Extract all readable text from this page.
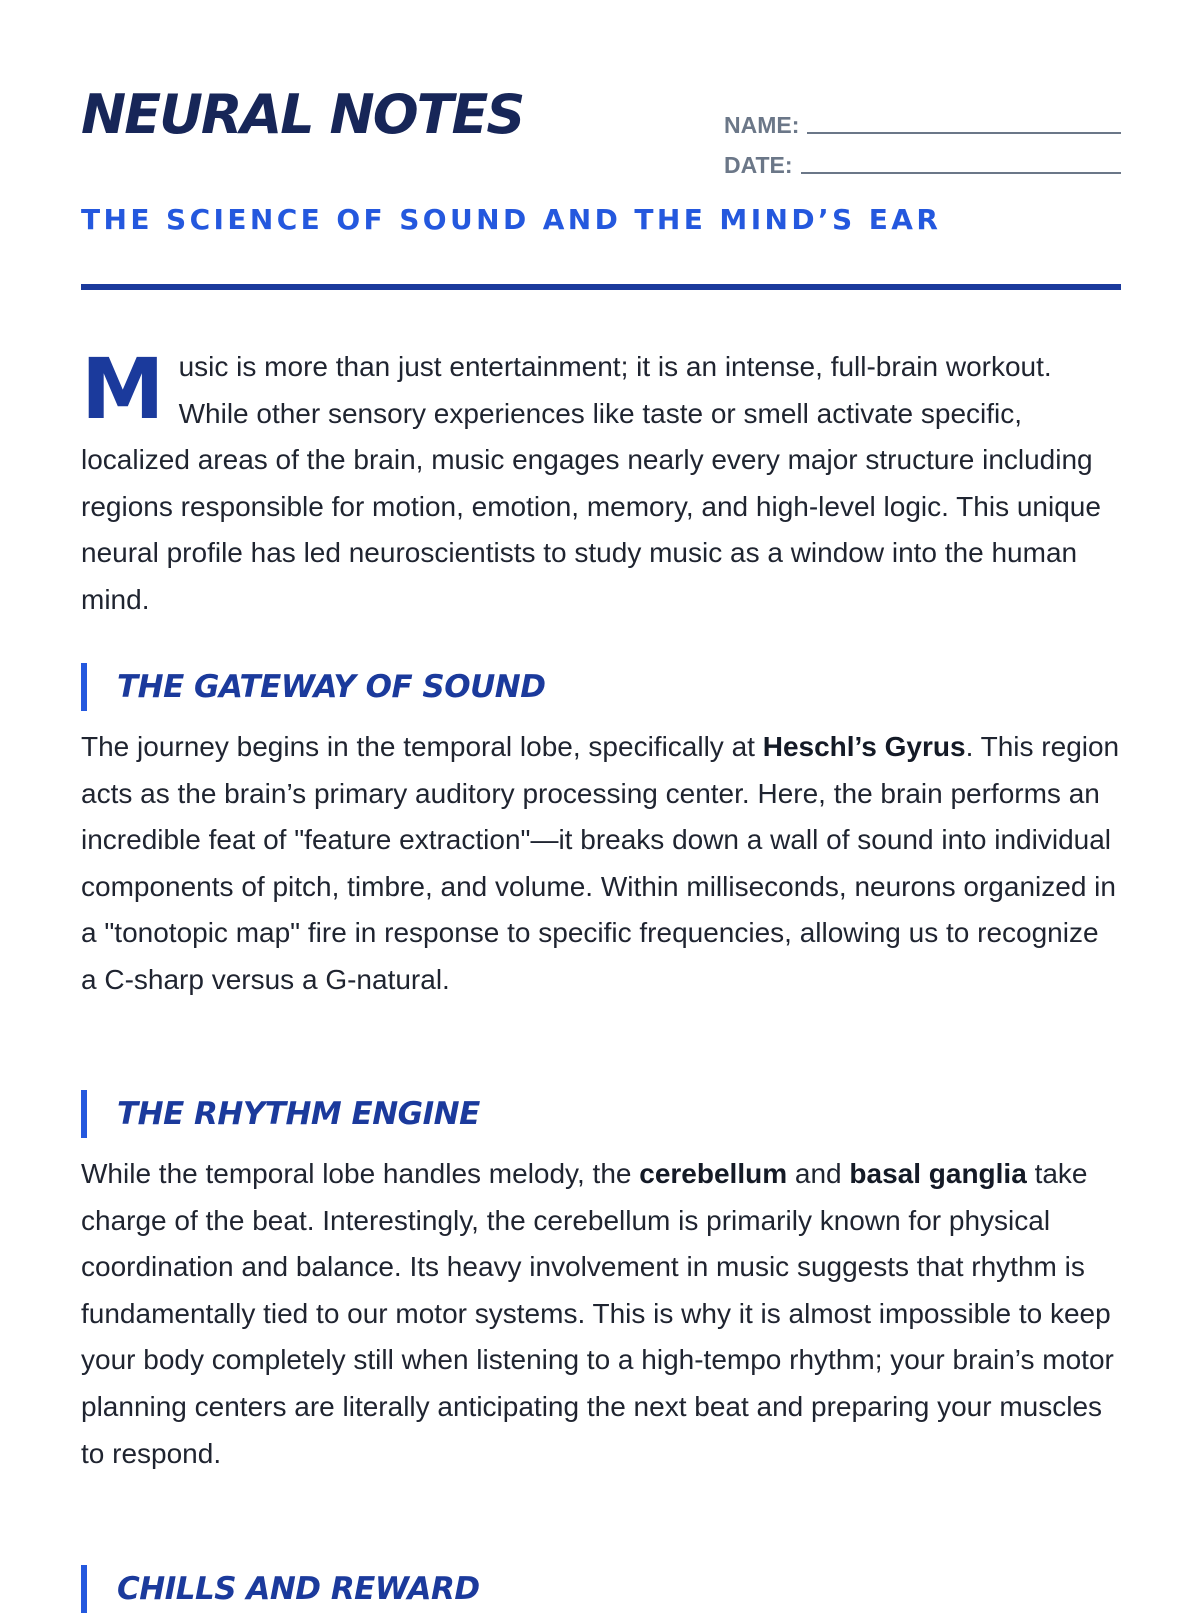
NEURAL NOTES	NAME:
DATE:
THE SCIENCE OF SOUND AND THE MIND’S EAR
M usic is more than just entertainment; it is an intense, full-brain workout. While other sensory experiences like taste or smell activate specific, localized areas of the brain, music engages nearly every major structure including regions responsible for motion, emotion, memory, and high-level logic. This unique neural profile has led neuroscientists to study music as a window into the human mind.

THE GATEWAY OF SOUND

The journey begins in the temporal lobe, specifically at Heschl’s Gyrus. This region acts as the brain’s primary auditory processing center. Here, the brain performs an incredible feat of "feature extraction"—it breaks down a wall of sound into individual components of pitch, timbre, and volume. Within milliseconds, neurons organized in a "tonotopic map" fire in response to specific frequencies, allowing us to recognize a C-sharp versus a G-natural.

THE RHYTHM ENGINE

While the temporal lobe handles melody, the cerebellum and basal ganglia take charge of the beat. Interestingly, the cerebellum is primarily known for physical coordination and balance. Its heavy involvement in music suggests that rhythm is fundamentally tied to our motor systems. This is why it is almost impossible to keep your body completely still when listening to a high-tempo rhythm; your brain’s motor planning centers are literally anticipating the next beat and preparing your muscles to respond.

CHILLS AND REWARD
